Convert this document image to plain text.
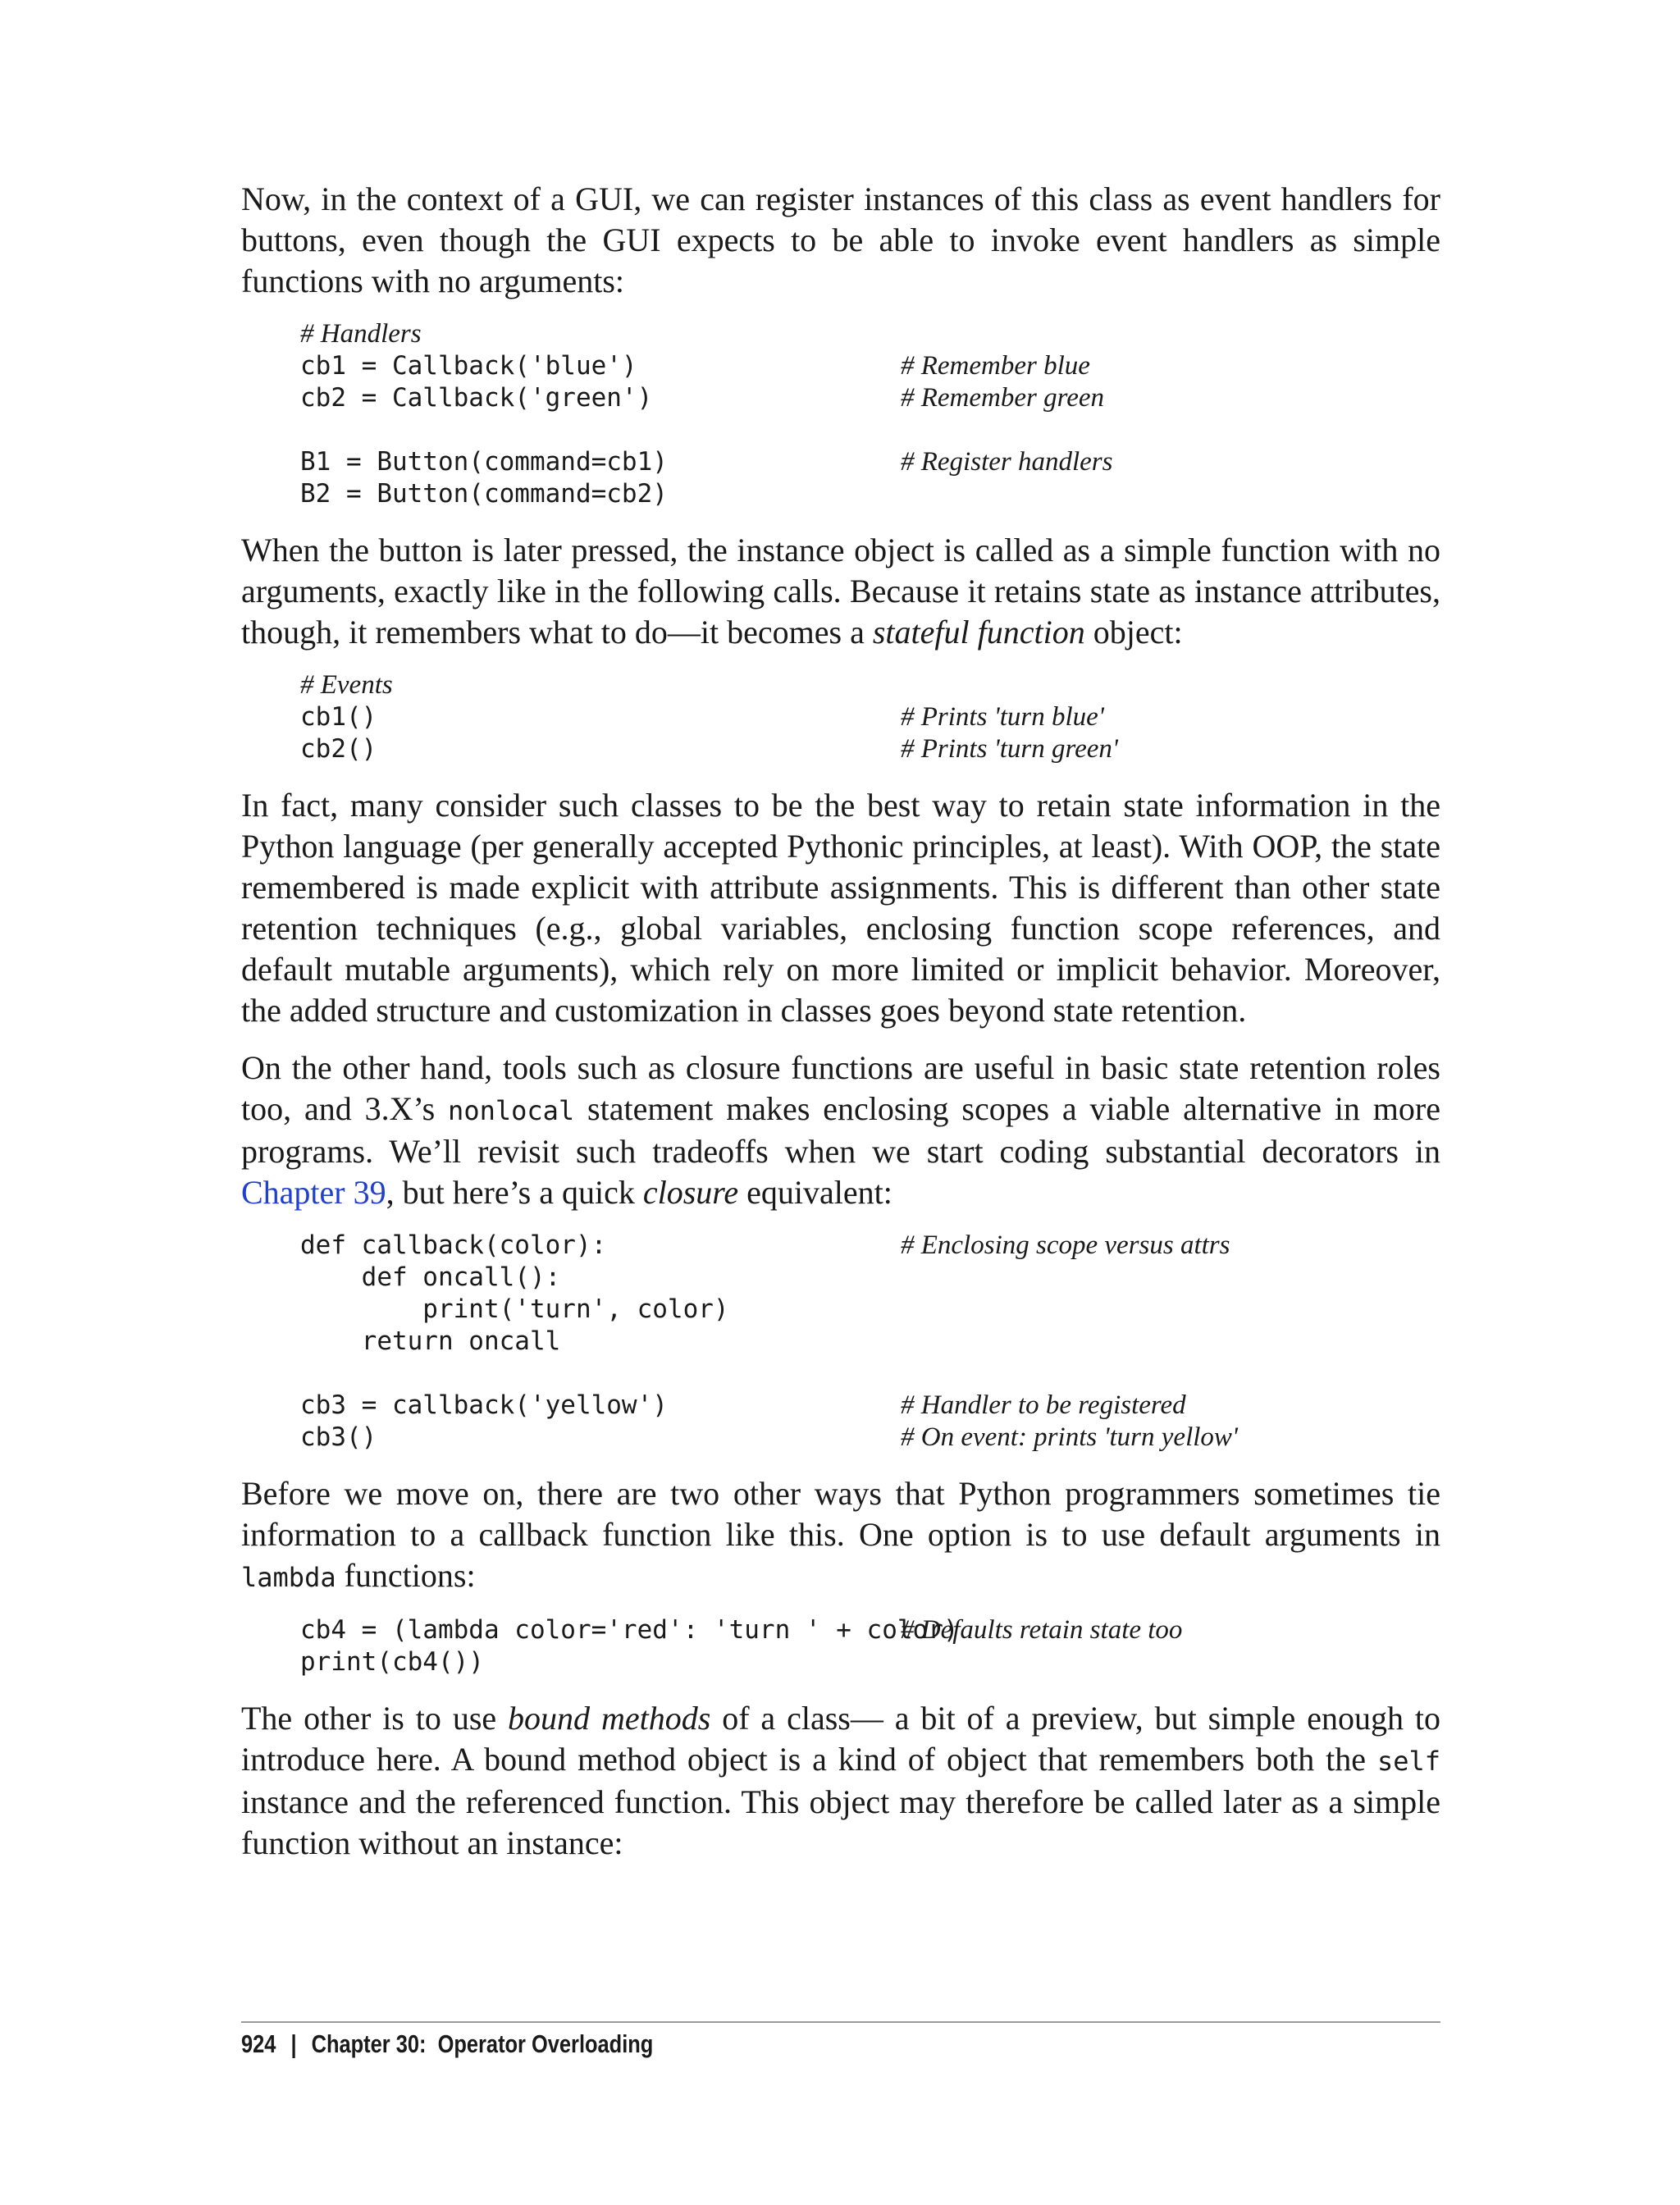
Now, in the context of a GUI, we can register instances of this class as event handlers for buttons, even though the GUI expects to be able to invoke event handlers as simple functions with no arguments:

# Handlers

cb1 = Callback('blue')

	# Remember blue

cb2 = Callback('green')

	# Remember green

B1 = Button(command=cb1)

	# Register handlers

B2 = Button(command=cb2)

When the button is later pressed, the instance object is called as a simple function with no arguments, exactly like in the following calls. Because it retains state as instance attributes, though, it remembers what to do—it becomes a stateful function object:

# Events

cb1()

	# Prints 'turn blue'

cb2()

	# Prints 'turn green'

In fact, many consider such classes to be the best way to retain state information in the Python language (per generally accepted Pythonic principles, at least). With OOP, the state remembered is made explicit with attribute assignments. This is different than other state retention techniques (e.g., global variables, enclosing function scope references, and default mutable arguments), which rely on more limited or implicit behavior. Moreover, the added structure and customization in classes goes beyond state retention.

On the other hand, tools such as closure functions are useful in basic state retention roles too, and 3.X’s nonlocal statement makes enclosing scopes a viable alternative in more programs. We’ll revisit such tradeoffs when we start coding substantial decorators in Chapter 39, but here’s a quick closure equivalent:

def callback(color):

	# Enclosing scope versus attrs

def oncall():

print('turn', color)

return oncall

cb3 = callback('yellow')

	# Handler to be registered

cb3()

	# On event: prints 'turn yellow'

Before we move on, there are two other ways that Python programmers sometimes tie information to a callback function like this. One option is to use default arguments in lambda functions:

cb4 = (lambda color='red': 'turn ' + color)

# Defaults retain state too

print(cb4())

The other is to use bound methods of a class— a bit of a preview, but simple enough to introduce here. A bound method object is a kind of object that remembers both the self instance and the referenced function. This object may therefore be called later as a simple function without an instance:

924 | Chapter 30:  Operator Overloading
